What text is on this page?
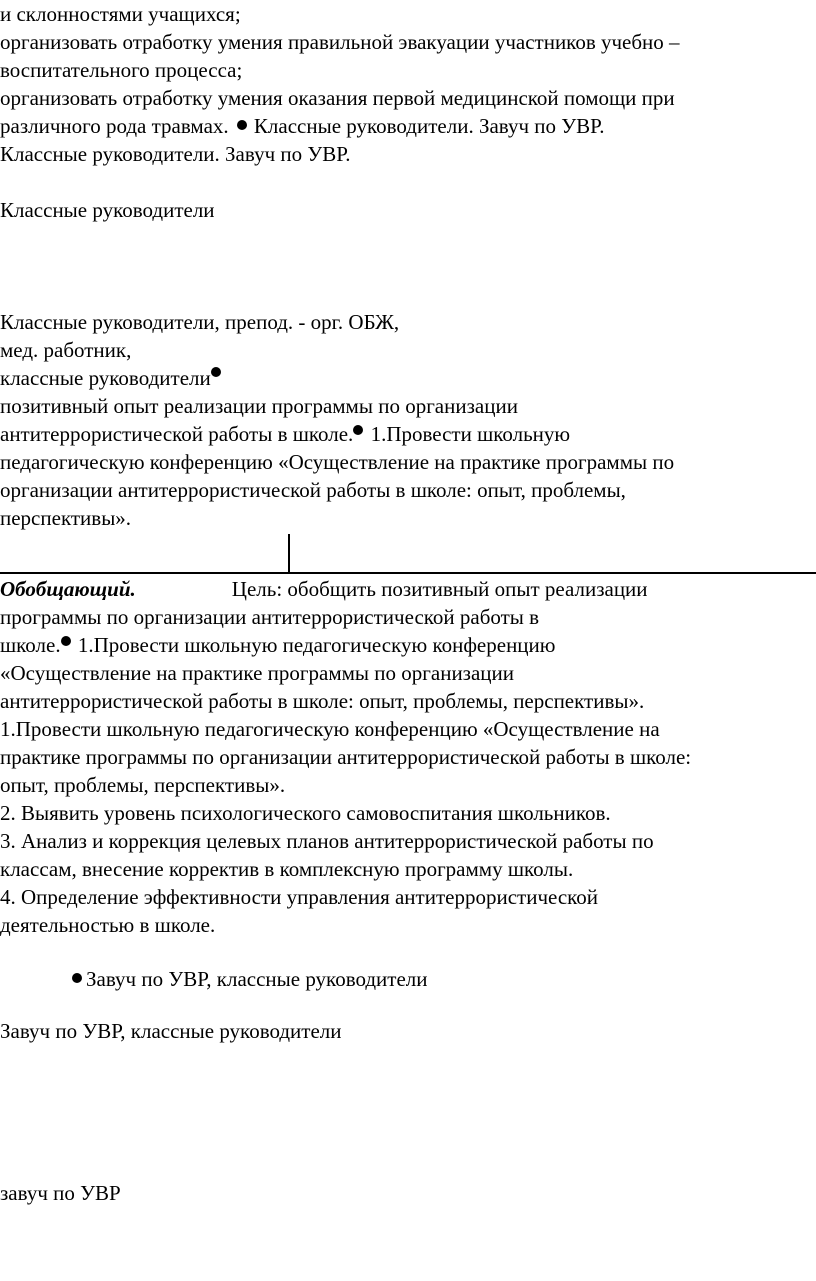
и склонностями учащихся;
организовать отработку умения правильной эвакуации участников учебно –
воспитательного процесса;
организовать отработку умения оказания первой медицинской помощи при
различного рода травмах. Классные руководители. Завуч по УВР.
Классные руководители. Завуч по УВР.
Классные руководители
Классные руководители, препод. - орг. ОБЖ,
мед. работник,
классные руководители
позитивный опыт реализации программы по организации
антитеррористической работы в школе. 1.Провести школьную
педагогическую конференцию «Осуществление на практике программы по
организации антитеррористической работы в школе: опыт, проблемы,
перспективы».
Обобщающий.	Цель: обобщить позитивный опыт реализации
программы по организации антитеррористической работы в
школе. 1.Провести школьную педагогическую конференцию
«Осуществление на практике программы по организации
антитеррористической работы в школе: опыт, проблемы, перспективы».
1.Провести школьную педагогическую конференцию «Осуществление на
практике программы по организации антитеррористической работы в школе:
опыт, проблемы, перспективы».
2. Выявить уровень психологического самовоспитания школьников.
3. Анализ и коррекция целевых планов антитеррористической работы по
классам, внесение корректив в комплексную программу школы.
4. Определение эффективности управления антитеррористической
деятельностью в школе.
Завуч по УВР, классные руководители
Завуч по УВР, классные руководители
завуч по УВР
